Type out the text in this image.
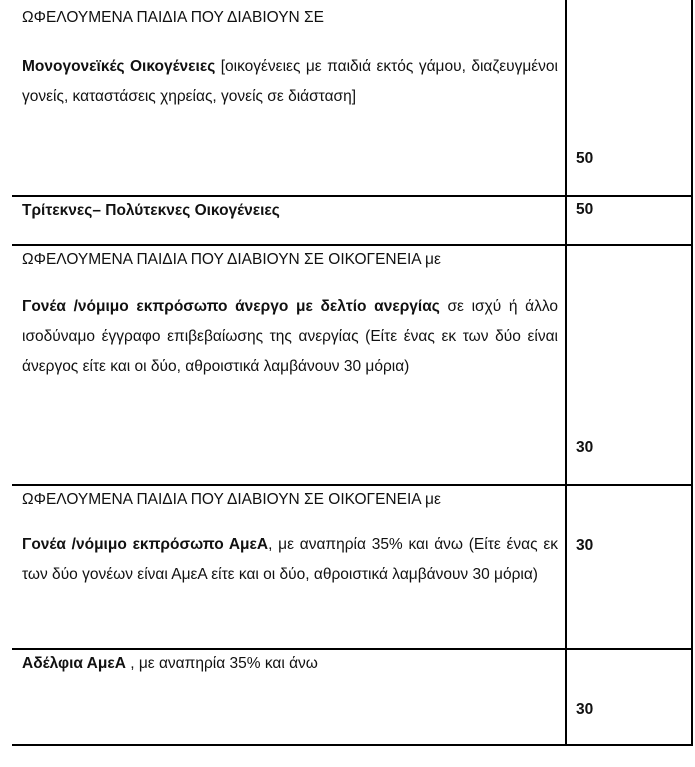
ΩΦΕΛΟΥΜΕΝΑ ΠΑΙΔΙΑ ΠΟΥ ΔΙΑΒΙΟΥΝ ΣΕ
Μονογονεϊκές Οικογένειες [οικογένειες με παιδιά εκτός γάμου, διαζευγμένοι γονείς, καταστάσεις χηρείας, γονείς σε διάσταση]
50
Τρίτεκνες– Πολύτεκνες Οικογένειες	50
ΩΦΕΛΟΥΜΕΝΑ ΠΑΙΔΙΑ ΠΟΥ ΔΙΑΒΙΟΥΝ ΣΕ ΟΙΚΟΓΕΝΕΙΑ με
Γονέα /νόμιμο εκπρόσωπο άνεργο με δελτίο ανεργίας σε ισχύ ή άλλο ισοδύναμο έγγραφο επιβεβαίωσης της ανεργίας (Είτε ένας εκ των δύο είναι άνεργος είτε και οι δύο, αθροιστικά λαμβάνουν 30 μόρια)
30
ΩΦΕΛΟΥΜΕΝΑ ΠΑΙΔΙΑ ΠΟΥ ΔΙΑΒΙΟΥΝ ΣΕ ΟΙΚΟΓΕΝΕΙΑ με
Γονέα /νόμιμο εκπρόσωπο ΑμεΑ, με αναπηρία 35% και άνω (Είτε ένας εκ των δύο γονέων είναι ΑμεΑ είτε και οι δύο, αθροιστικά λαμβάνουν 30 μόρια)
30
Αδέλφια ΑμεΑ , με αναπηρία 35% και άνω
30
